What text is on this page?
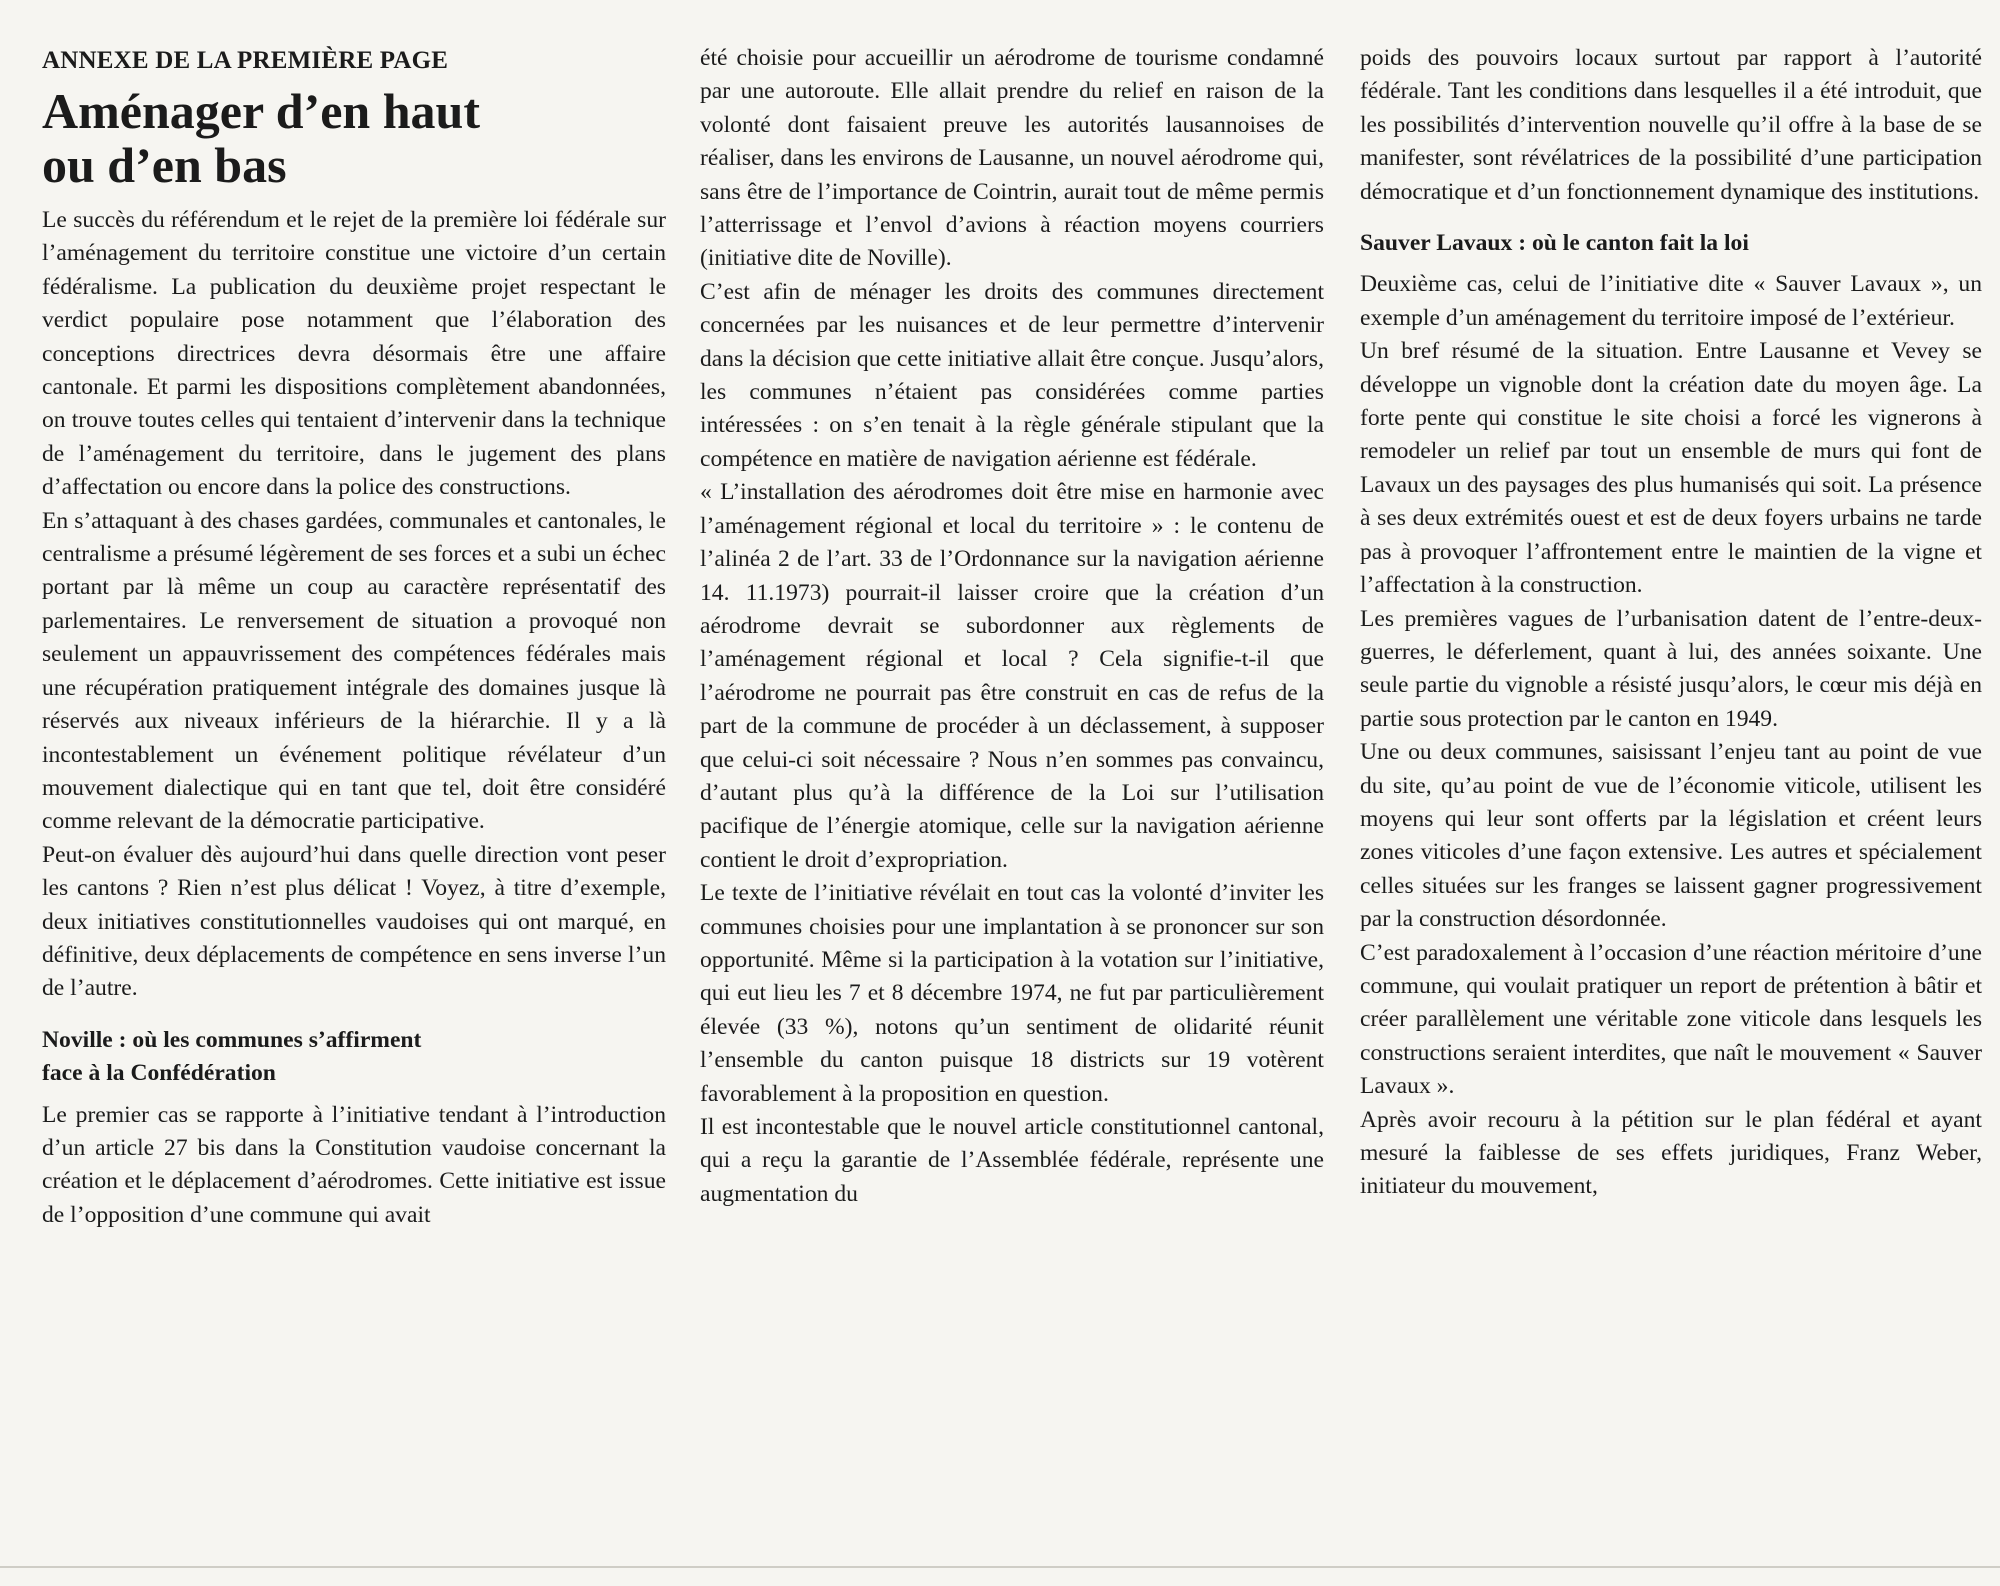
ANNEXE DE LA PREMIÈRE PAGE
Aménager d’en haut
ou d’en bas

Le succès du référendum et le rejet de la première loi fédérale sur l’aménagement du territoire constitue une victoire d’un certain fédéralisme. La publication du deuxième projet respectant le verdict populaire pose notamment que l’élaboration des conceptions directrices devra désormais être une affaire cantonale. Et parmi les dispositions complètement abandonnées, on trouve toutes celles qui tentaient d’intervenir dans la technique de l’aménagement du territoire, dans le jugement des plans d’affectation ou encore dans la police des constructions.

En s’attaquant à des chases gardées, communales et cantonales, le centralisme a présumé légèrement de ses forces et a subi un échec portant par là même un coup au caractère représentatif des parlementaires. Le renversement de situation a provoqué non seulement un appauvrissement des compétences fédérales mais une récupération pratiquement intégrale des domaines jusque là réservés aux niveaux inférieurs de la hiérarchie. Il y a là incontestablement un événement politique révélateur d’un mouvement dialectique qui en tant que tel, doit être considéré comme relevant de la démocratie participative.

Peut-on évaluer dès aujourd’hui dans quelle direction vont peser les cantons ? Rien n’est plus délicat ! Voyez, à titre d’exemple, deux initiatives constitutionnelles vaudoises qui ont marqué, en définitive, deux déplacements de compétence en sens inverse l’un de l’autre.

Noville : où les communes s’affirment
face à la Confédération

Le premier cas se rapporte à l’initiative tendant à l’introduction d’un article 27 bis dans la Constitution vaudoise concernant la création et le déplacement d’aérodromes. Cette initiative est issue de l’opposition d’une commune qui avait

été choisie pour accueillir un aérodrome de tourisme condamné par une autoroute. Elle allait prendre du relief en raison de la volonté dont faisaient preuve les autorités lausannoises de réaliser, dans les environs de Lausanne, un nouvel aérodrome qui, sans être de l’importance de Cointrin, aurait tout de même permis l’atterrissage et l’envol d’avions à réaction moyens courriers (initiative dite de Noville).

C’est afin de ménager les droits des communes directement concernées par les nuisances et de leur permettre d’intervenir dans la décision que cette initiative allait être conçue. Jusqu’alors, les communes n’étaient pas considérées comme parties intéressées : on s’en tenait à la règle générale stipulant que la compétence en matière de navigation aérienne est fédérale.

« L’installation des aérodromes doit être mise en harmonie avec l’aménagement régional et local du territoire » : le contenu de l’alinéa 2 de l’art. 33 de l’Ordonnance sur la navigation aérienne 14. 11.1973) pourrait-il laisser croire que la création d’un aérodrome devrait se subordonner aux règlements de l’aménagement régional et local ? Cela signifie-t-il que l’aérodrome ne pourrait pas être construit en cas de refus de la part de la commune de procéder à un déclassement, à supposer que celui-ci soit nécessaire ? Nous n’en sommes pas convaincu, d’autant plus qu’à la différence de la Loi sur l’utilisation pacifique de l’énergie atomique, celle sur la navigation aérienne contient le droit d’expropriation.

Le texte de l’initiative révélait en tout cas la volonté d’inviter les communes choisies pour une implantation à se prononcer sur son opportunité. Même si la participation à la votation sur l’initiative, qui eut lieu les 7 et 8 décembre 1974, ne fut par particulièrement élevée (33 %), notons qu’un sentiment de olidarité réunit l’ensemble du canton puisque 18 districts sur 19 votèrent favorablement à la proposition en question.

Il est incontestable que le nouvel article constitutionnel cantonal, qui a reçu la garantie de l’Assemblée fédérale, représente une augmentation du

poids des pouvoirs locaux surtout par rapport à l’autorité fédérale. Tant les conditions dans lesquelles il a été introduit, que les possibilités d’intervention nouvelle qu’il offre à la base de se manifester, sont révélatrices de la possibilité d’une participation démocratique et d’un fonctionnement dynamique des institutions.

Sauver Lavaux : où le canton fait la loi

Deuxième cas, celui de l’initiative dite « Sauver Lavaux », un exemple d’un aménagement du territoire imposé de l’extérieur.

Un bref résumé de la situation. Entre Lausanne et Vevey se développe un vignoble dont la création date du moyen âge. La forte pente qui constitue le site choisi a forcé les vignerons à remodeler un relief par tout un ensemble de murs qui font de Lavaux un des paysages des plus humanisés qui soit. La présence à ses deux extrémités ouest et est de deux foyers urbains ne tarde pas à provoquer l’affrontement entre le maintien de la vigne et l’affectation à la construction.

Les premières vagues de l’urbanisation datent de l’entre-deux-guerres, le déferlement, quant à lui, des années soixante. Une seule partie du vignoble a résisté jusqu’alors, le cœur mis déjà en partie sous protection par le canton en 1949.

Une ou deux communes, saisissant l’enjeu tant au point de vue du site, qu’au point de vue de l’économie viticole, utilisent les moyens qui leur sont offerts par la législation et créent leurs zones viticoles d’une façon extensive. Les autres et spécialement celles situées sur les franges se laissent gagner progressivement par la construction désordonnée.

C’est paradoxalement à l’occasion d’une réaction méritoire d’une commune, qui voulait pratiquer un report de prétention à bâtir et créer parallèlement une véritable zone viticole dans lesquels les constructions seraient interdites, que naît le mouvement « Sauver Lavaux ».

Après avoir recouru à la pétition sur le plan fédéral et ayant mesuré la faiblesse de ses effets juridiques, Franz Weber, initiateur du mouvement,
